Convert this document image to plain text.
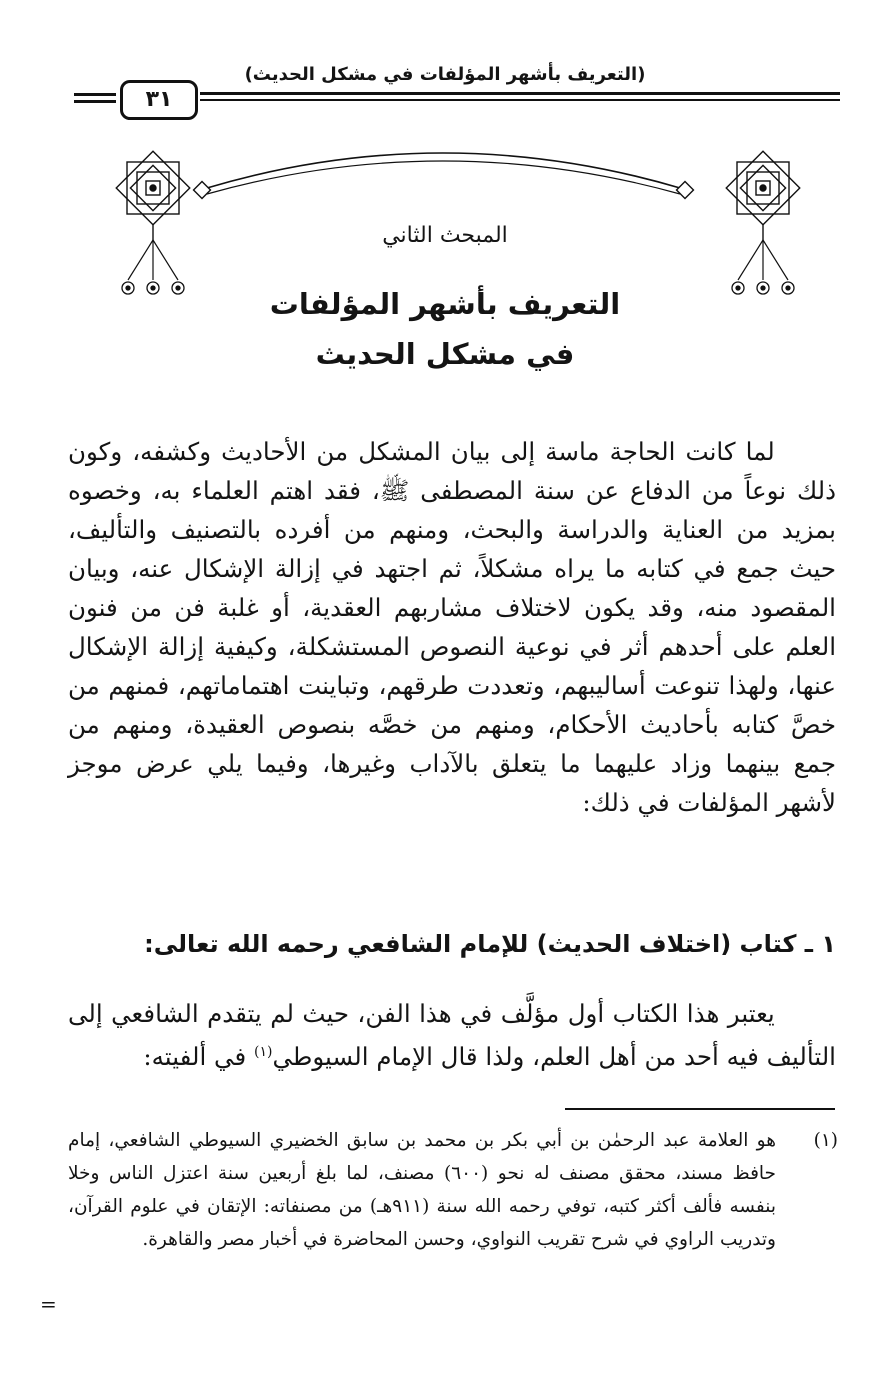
(التعريف بأشهر المؤلفات في مشكل الحديث)
٣١
المبحث الثاني
التعريف بأشهر المؤلفات
في مشكل الحديث

لما كانت الحاجة ماسة إلى بيان المشكل من الأحاديث وكشفه، وكون ذلك نوعاً من الدفاع عن سنة المصطفى ﷺ، فقد اهتم العلماء به، وخصوه بمزيد من العناية والدراسة والبحث، ومنهم من أفرده بالتصنيف والتأليف، حيث جمع في كتابه ما يراه مشكلاً، ثم اجتهد في إزالة الإشكال عنه، وبيان المقصود منه، وقد يكون لاختلاف مشاربهم العقدية، أو غلبة فن من فنون العلم على أحدهم أثر في نوعية النصوص المستشكلة، وكيفية إزالة الإشكال عنها، ولهذا تنوعت أساليبهم، وتعددت طرقهم، وتباينت اهتماماتهم، فمنهم من خصَّ كتابه بأحاديث الأحكام، ومنهم من خصَّه بنصوص العقيدة، ومنهم من جمع بينهما وزاد عليهما ما يتعلق بالآداب وغيرها، وفيما يلي عرض موجز لأشهر المؤلفات في ذلك:

١ ـ كتاب (اختلاف الحديث) للإمام الشافعي رحمه الله تعالى:

يعتبر هذا الكتاب أول مؤلَّف في هذا الفن، حيث لم يتقدم الشافعي إلى التأليف فيه أحد من أهل العلم، ولذا قال الإمام السيوطي$^{(١)}$ في ألفيته:

(١)
هو العلامة عبد الرحمٰن بن أبي بكر بن محمد بن سابق الخضيري السيوطي الشافعي، إمام حافظ مسند، محقق مصنف له نحو (٦٠٠) مصنف، لما بلغ أربعين سنة اعتزل الناس وخلا بنفسه فألف أكثر كتبه، توفي رحمه الله سنة (٩١١هـ) من مصنفاته: الإتقان في علوم القرآن، وتدريب الراوي في شرح تقريب النواوي، وحسن المحاضرة في أخبار مصر والقاهرة.
=
